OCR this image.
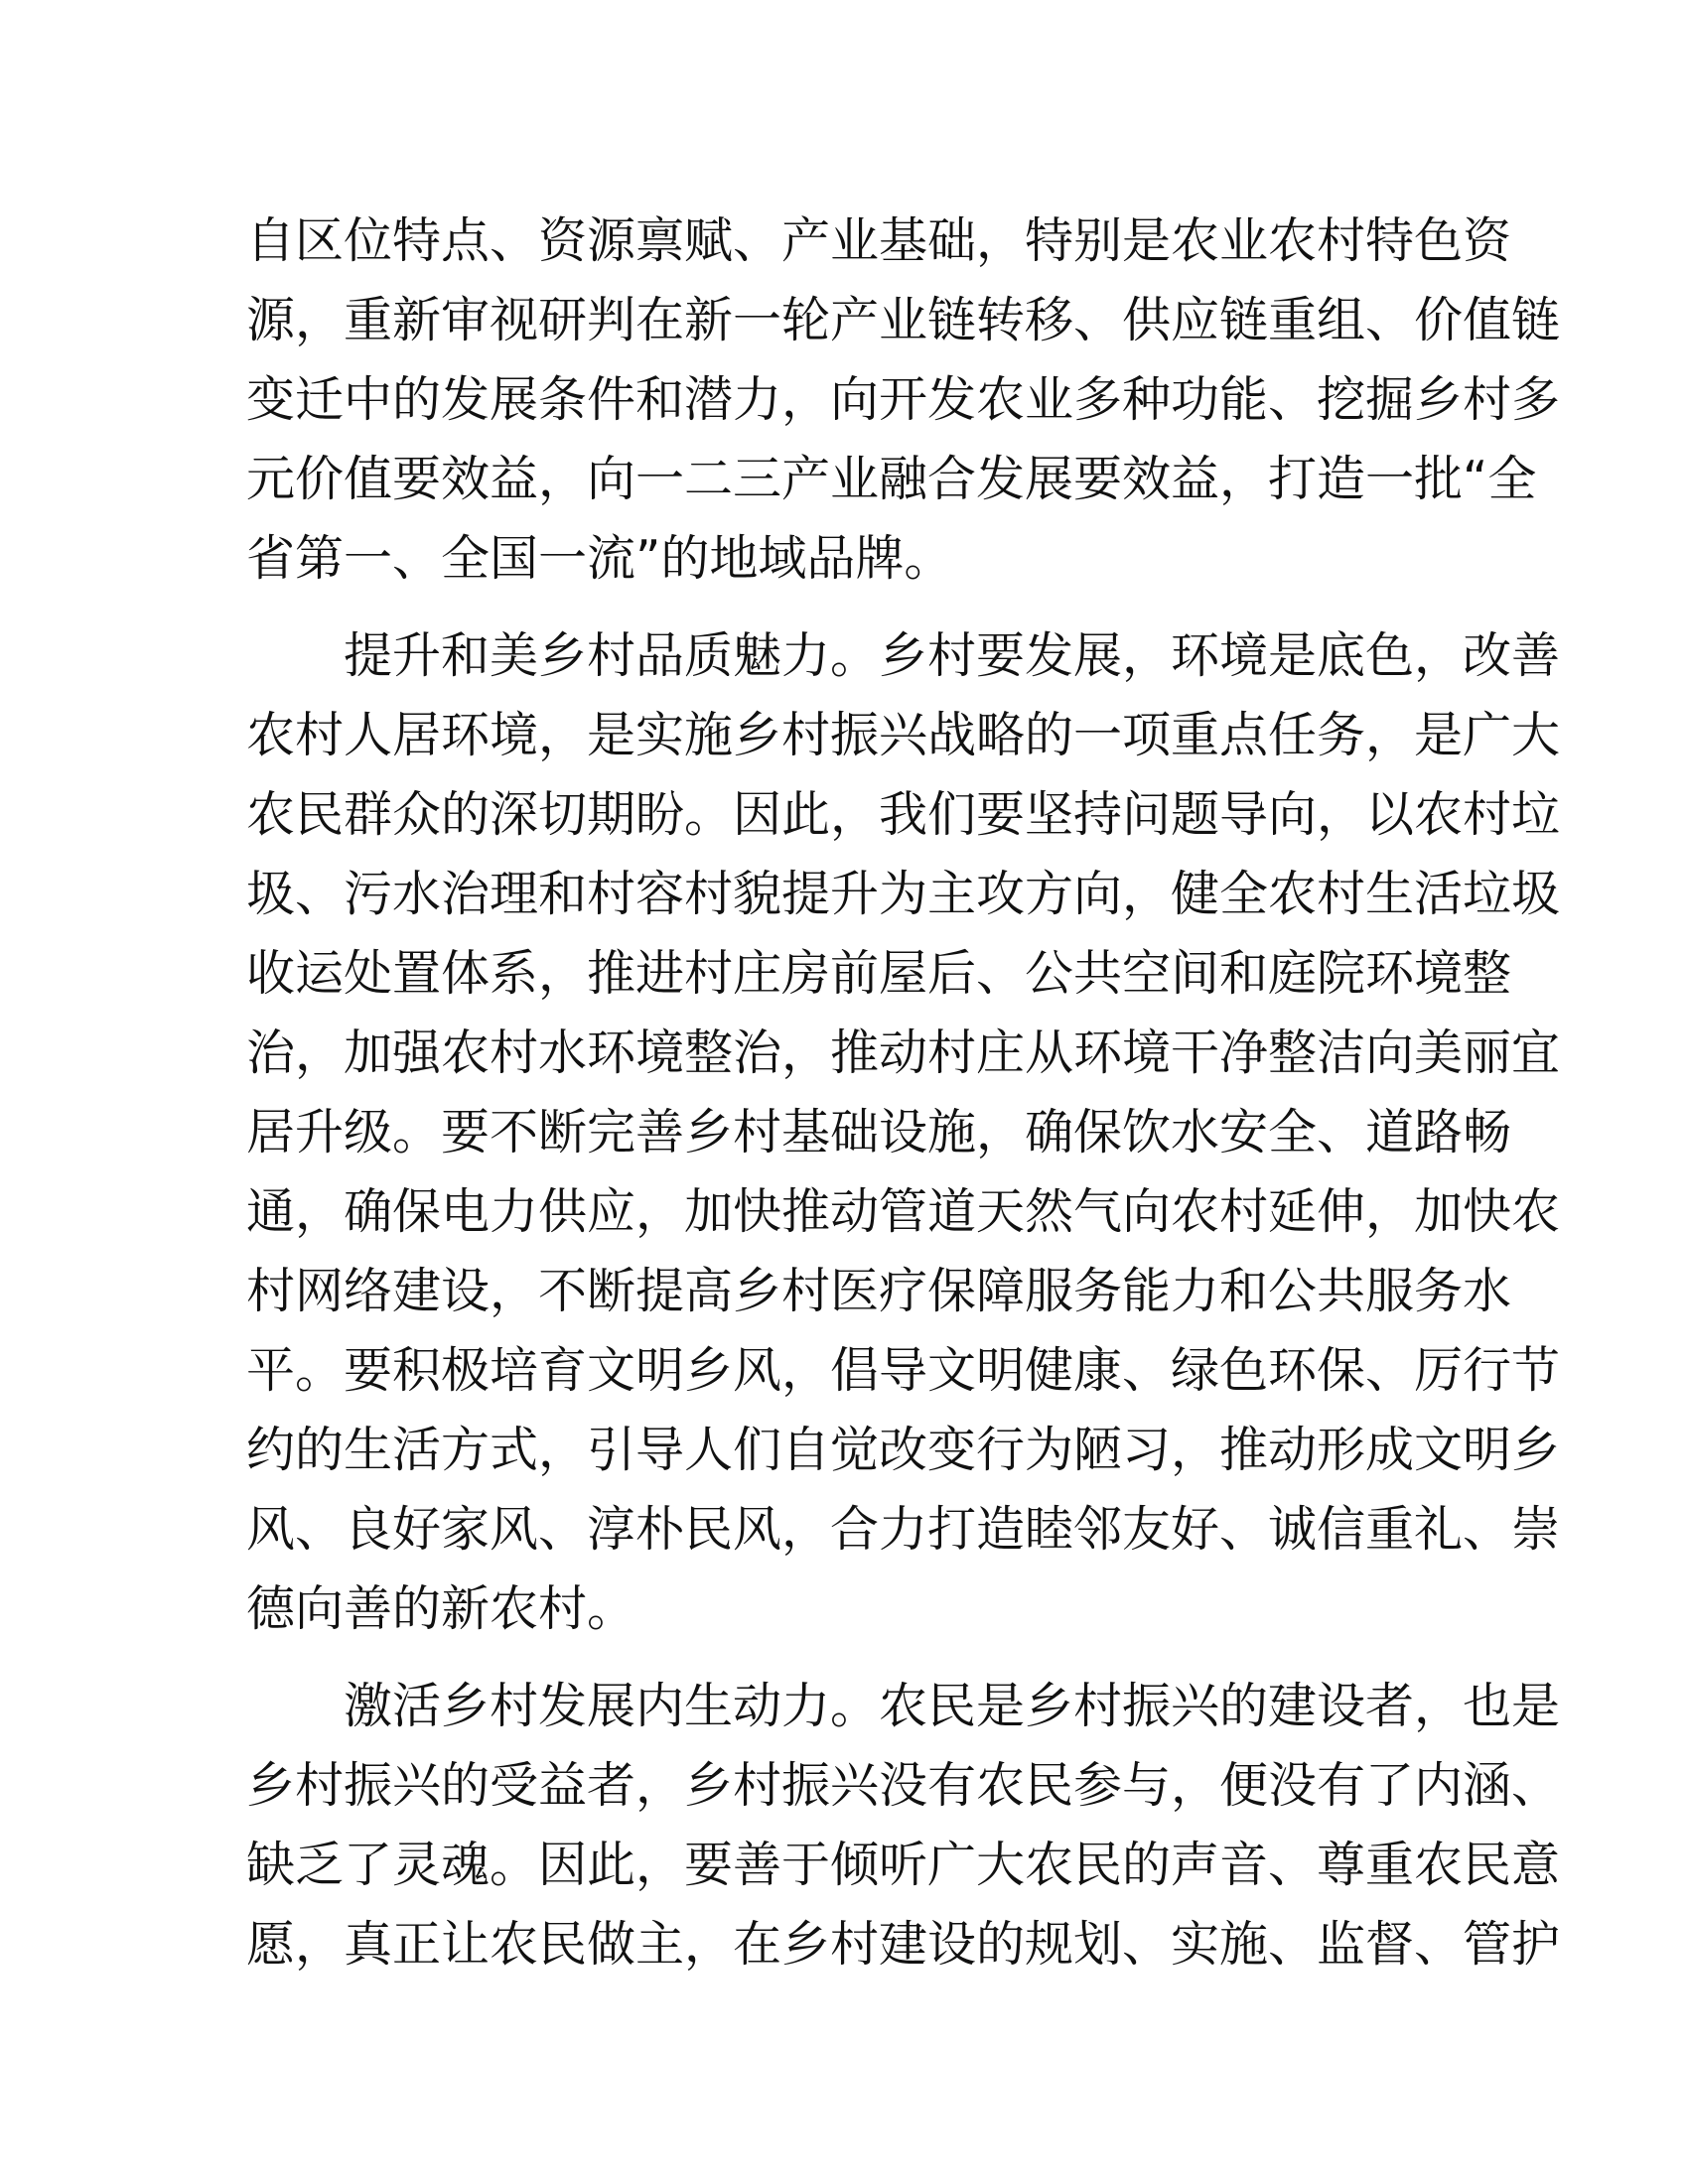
自区位特点、资源禀赋、产业基础，特别是农业农村特色资
源，重新审视研判在新一轮产业链转移、供应链重组、价值链
变迁中的发展条件和潜力，向开发农业多种功能、挖掘乡村多
元价值要效益，向一二三产业融合发展要效益，打造一批“全
省第一、全国一流”的地域品牌。
提升和美乡村品质魅力。乡村要发展，环境是底色，改善
农村人居环境，是实施乡村振兴战略的一项重点任务，是广大
农民群众的深切期盼。因此，我们要坚持问题导向，以农村垃
圾、污水治理和村容村貌提升为主攻方向，健全农村生活垃圾
收运处置体系，推进村庄房前屋后、公共空间和庭院环境整
治，加强农村水环境整治，推动村庄从环境干净整洁向美丽宜
居升级。要不断完善乡村基础设施，确保饮水安全、道路畅
通，确保电力供应，加快推动管道天然气向农村延伸，加快农
村网络建设，不断提高乡村医疗保障服务能力和公共服务水
平。要积极培育文明乡风，倡导文明健康、绿色环保、厉行节
约的生活方式，引导人们自觉改变行为陋习，推动形成文明乡
风、良好家风、淳朴民风，合力打造睦邻友好、诚信重礼、崇
德向善的新农村。
激活乡村发展内生动力。农民是乡村振兴的建设者，也是
乡村振兴的受益者，乡村振兴没有农民参与，便没有了内涵、
缺乏了灵魂。因此，要善于倾听广大农民的声音、尊重农民意
愿，真正让农民做主，在乡村建设的规划、实施、监督、管护
